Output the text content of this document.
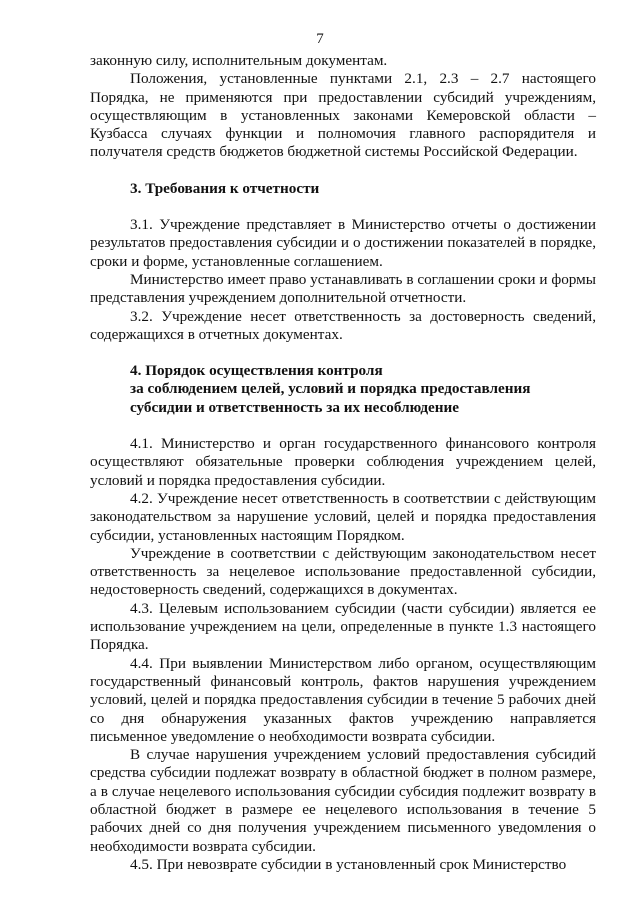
7

законную силу, исполнительным документам.

Положения, установленные пунктами 2.1, 2.3 – 2.7 настоящего Порядка, не применяются при предоставлении субсидий учреждениям, осуществляющим в установленных законами Кемеровской области – Кузбасса случаях функции и полномочия главного распорядителя и получателя средств бюджетов бюджетной системы Российской Федерации.

3. Требования к отчетности

3.1. Учреждение представляет в Министерство отчеты о достижении результатов предоставления субсидии и о достижении показателей в порядке, сроки и форме, установленные соглашением.

Министерство имеет право устанавливать в соглашении сроки и формы представления учреждением дополнительной отчетности.

3.2. Учреждение несет ответственность за достоверность сведений, содержащихся в отчетных документах.

4. Порядок осуществления контроля

за соблюдением целей, условий и порядка предоставления

субсидии и ответственность за их несоблюдение

4.1. Министерство и орган государственного финансового контроля осуществляют обязательные проверки соблюдения учреждением целей, условий и порядка предоставления субсидии.

4.2. Учреждение несет ответственность в соответствии с действующим законодательством за нарушение условий, целей и порядка предоставления субсидии, установленных настоящим Порядком.

Учреждение в соответствии с действующим законодательством несет ответственность за нецелевое использование предоставленной субсидии, недостоверность сведений, содержащихся в документах.

4.3. Целевым использованием субсидии (части субсидии) является ее использование учреждением на цели, определенные в пункте 1.3 настоящего Порядка.

4.4. При выявлении Министерством либо органом, осуществляющим государственный финансовый контроль, фактов нарушения учреждением условий, целей и порядка предоставления субсидии в течение 5 рабочих дней со дня обнаружения указанных фактов учреждению направляется письменное уведомление о необходимости возврата субсидии.

В случае нарушения учреждением условий предоставления субсидий средства субсидии подлежат возврату в областной бюджет в полном размере, а в случае нецелевого использования субсидии субсидия подлежит возврату в областной бюджет в размере ее нецелевого использования в течение 5 рабочих дней со дня получения учреждением письменного уведомления о необходимости возврата субсидии.

4.5. При невозврате субсидии в установленный срок Министерство
